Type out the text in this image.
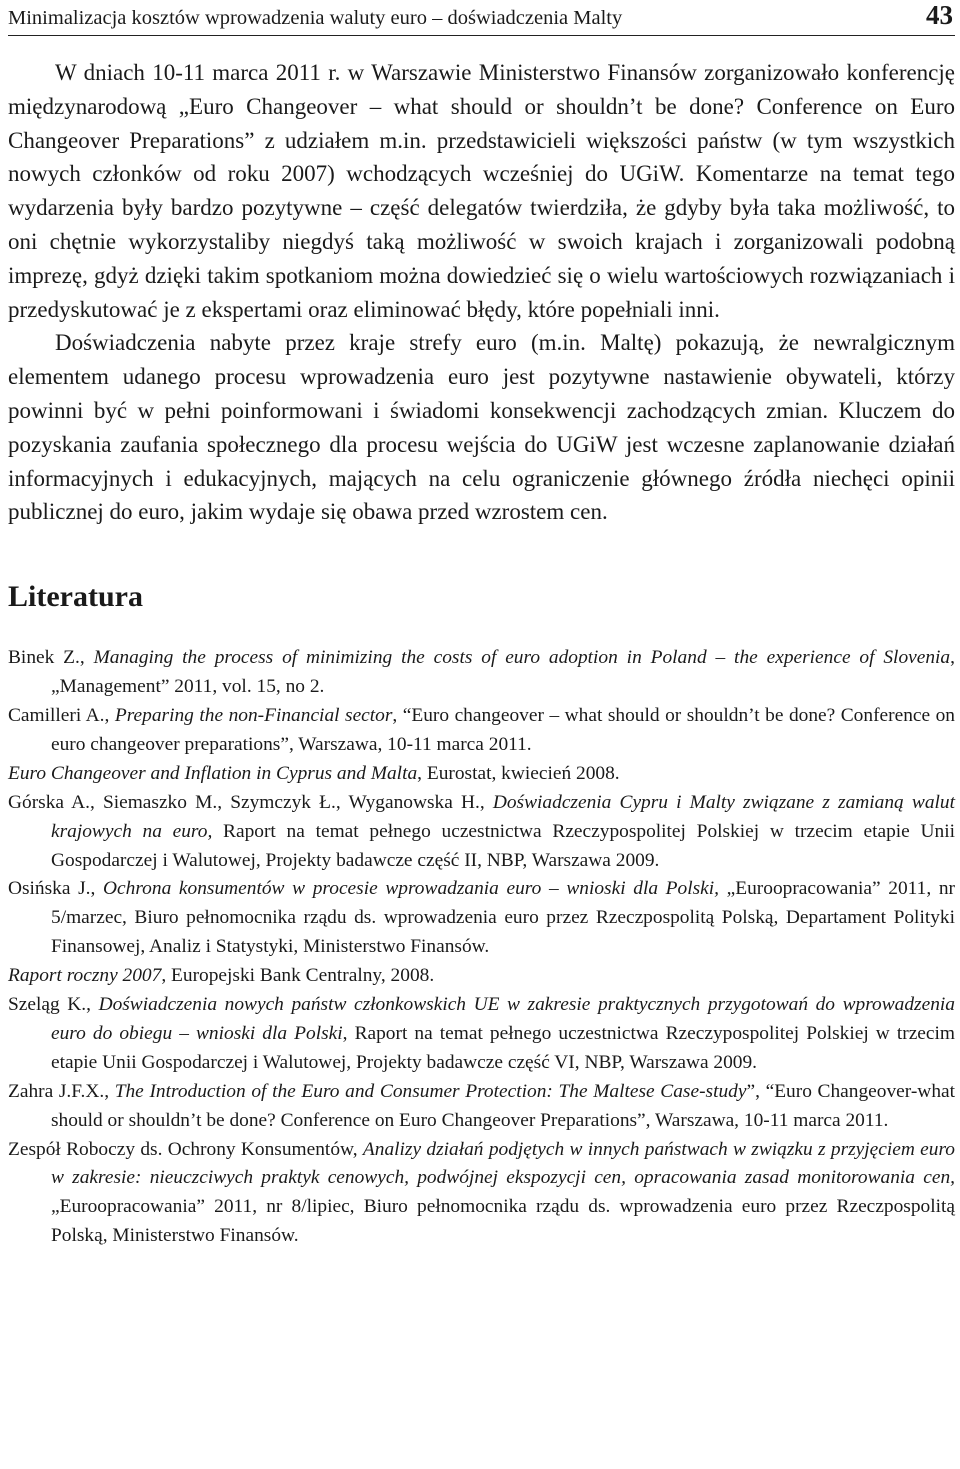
Minimalizacja kosztów wprowadzenia waluty euro – doświadczenia Malty	43

W dniach 10-11 marca 2011 r. w Warszawie Ministerstwo Finansów zorganizowało konferencję międzynarodową „Euro Changeover – what should or shouldn’t be done? Conference on Euro Changeover Preparations” z udziałem m.in. przedstawicieli większości państw (w tym wszystkich nowych członków od roku 2007) wchodzących wcześniej do UGiW. Komentarze na temat tego wydarzenia były bardzo pozytywne – część delegatów twierdziła, że gdyby była taka możliwość, to oni chętnie wykorzystaliby niegdyś taką możliwość w swoich krajach i zorganizowali podobną imprezę, gdyż dzięki takim spotkaniom można dowiedzieć się o wielu wartościowych rozwiązaniach i przedyskutować je z ekspertami oraz eliminować błędy, które popełniali inni.

Doświadczenia nabyte przez kraje strefy euro (m.in. Maltę) pokazują, że newralgicznym elementem udanego procesu wprowadzenia euro jest pozytywne nastawienie obywateli, którzy powinni być w pełni poinformowani i świadomi konsekwencji zachodzących zmian. Kluczem do pozyskania zaufania społecznego dla procesu wejścia do UGiW jest wczesne zaplanowanie działań informacyjnych i edukacyjnych, mających na celu ograniczenie głównego źródła niechęci opinii publicznej do euro, jakim wydaje się obawa przed wzrostem cen.

Literatura
Binek Z., Managing the process of minimizing the costs of euro adoption in Poland – the experience of Slovenia, „Management” 2011, vol. 15, no 2.
Camilleri A., Preparing the non-Financial sector, “Euro changeover – what should or shouldn’t be done? Conference on euro changeover preparations”, Warszawa, 10-11 marca 2011.
Euro Changeover and Inflation in Cyprus and Malta, Eurostat, kwiecień 2008.
Górska A., Siemaszko M., Szymczyk Ł., Wyganowska H., Doświadczenia Cypru i Malty związane z zamianą walut krajowych na euro, Raport na temat pełnego uczestnictwa Rzeczypospolitej Polskiej w trzecim etapie Unii Gospodarczej i Walutowej, Projekty badawcze część II, NBP, Warszawa 2009.
Osińska J., Ochrona konsumentów w procesie wprowadzania euro – wnioski dla Polski, „Euroopracowania” 2011, nr 5/marzec, Biuro pełnomocnika rządu ds. wprowadzenia euro przez Rzeczpospolitą Polską, Departament Polityki Finansowej, Analiz i Statystyki, Ministerstwo Finansów.
Raport roczny 2007, Europejski Bank Centralny, 2008.
Szeląg K., Doświadczenia nowych państw członkowskich UE w zakresie praktycznych przygotowań do wprowadzenia euro do obiegu – wnioski dla Polski, Raport na temat pełnego uczestnictwa Rzeczypospolitej Polskiej w trzecim etapie Unii Gospodarczej i Walutowej, Projekty badawcze część VI, NBP, Warszawa 2009.
Zahra J.F.X., The Introduction of the Euro and Consumer Protection: The Maltese Case-study”, “Euro Changeover-what should or shouldn’t be done? Conference on Euro Changeover Preparations”, Warszawa, 10-11 marca 2011.
Zespół Roboczy ds. Ochrony Konsumentów, Analizy działań podjętych w innych państwach w związku z przyjęciem euro w zakresie: nieuczciwych praktyk cenowych, podwójnej ekspozycji cen, opracowania zasad monitorowania cen, „Euroopracowania” 2011, nr 8/lipiec, Biuro pełnomocnika rządu ds. wprowadzenia euro przez Rzeczpospolitą Polską, Ministerstwo Finansów.
